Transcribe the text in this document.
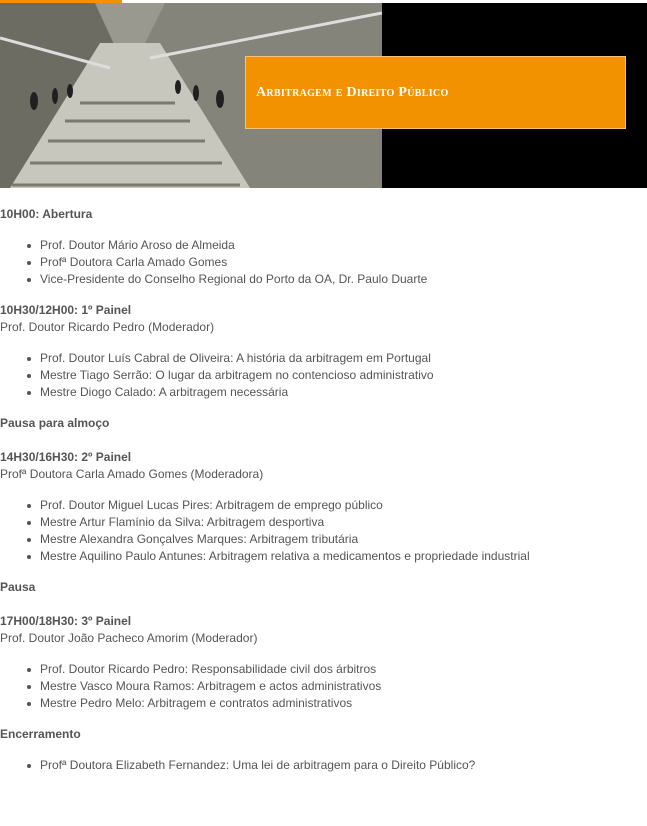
Arbitragem e Direito Público

10H00: Abertura

Prof. Doutor Mário Aroso de Almeida
Profª Doutora Carla Amado Gomes
Vice-Presidente do Conselho Regional do Porto da OA, Dr. Paulo Duarte

10H30/12H00: 1º Painel

Prof. Doutor Ricardo Pedro (Moderador)

Prof. Doutor Luís Cabral de Oliveira: A história da arbitragem em Portugal
Mestre Tiago Serrão: O lugar da arbitragem no contencioso administrativo
Mestre Diogo Calado: A arbitragem necessária

Pausa para almoço

14H30/16H30: 2º Painel

Profª Doutora Carla Amado Gomes (Moderadora)

Prof. Doutor Miguel Lucas Pires: Arbitragem de emprego público
Mestre Artur Flamínio da Silva: Arbitragem desportiva
Mestre Alexandra Gonçalves Marques: Arbitragem tributária
Mestre Aquilino Paulo Antunes: Arbitragem relativa a medicamentos e propriedade industrial

Pausa

17H00/18H30: 3º Painel

Prof. Doutor João Pacheco Amorim (Moderador)

Prof. Doutor Ricardo Pedro: Responsabilidade civil dos árbitros
Mestre Vasco Moura Ramos: Arbitragem e actos administrativos
Mestre Pedro Melo: Arbitragem e contratos administrativos

Encerramento

Profª Doutora Elizabeth Fernandez: Uma lei de arbitragem para o Direito Público?
